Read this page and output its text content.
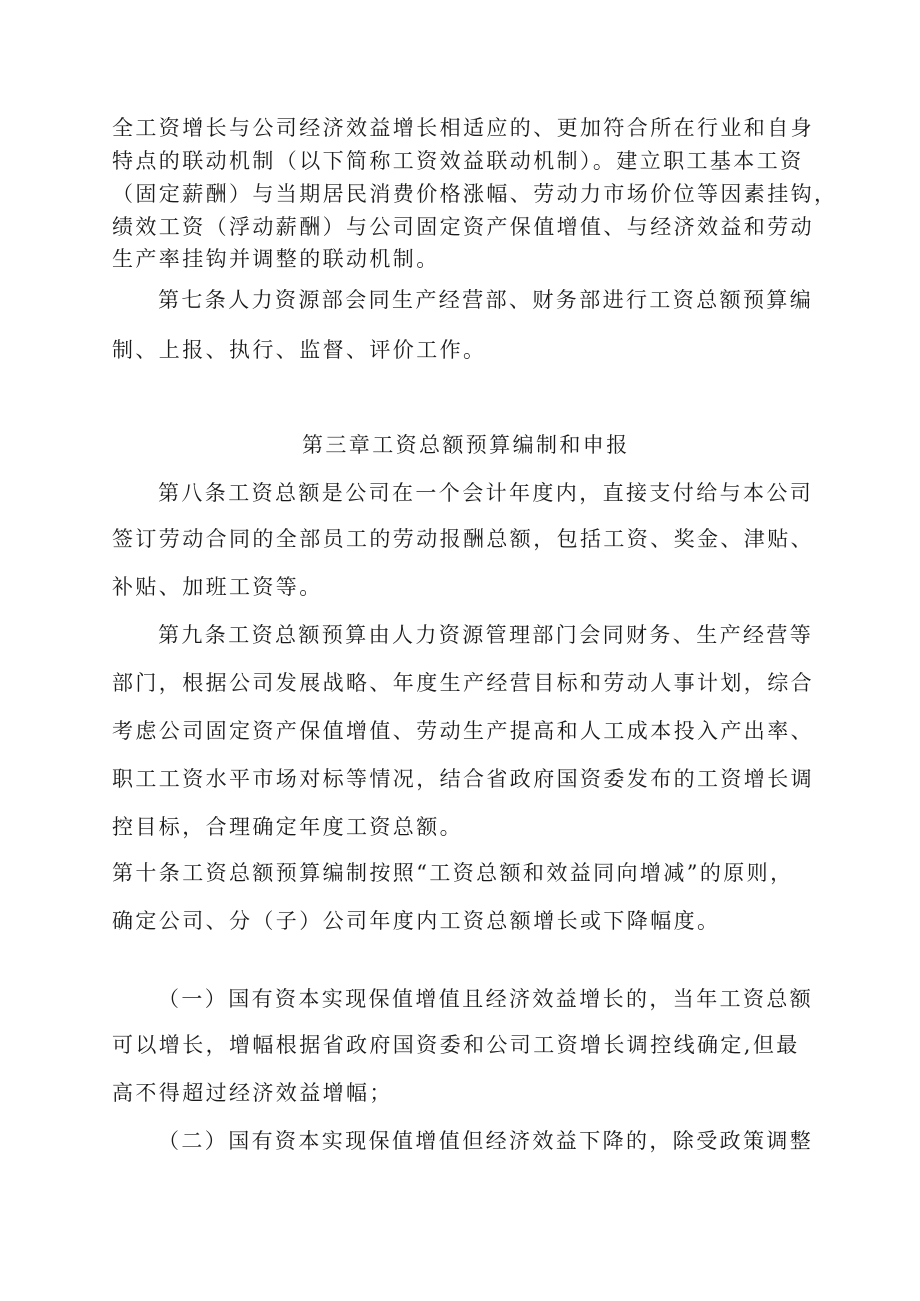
全工资增长与公司经济效益增长相适应的、更加符合所在行业和自身
特点的联动机制（以下简称工资效益联动机制）。建立职工基本工资
（固定薪酬）与当期居民消费价格涨幅、劳动力市场价位等因素挂钩，
绩效工资（浮动薪酬）与公司固定资产保值增值、与经济效益和劳动
生产率挂钩并调整的联动机制。
第七条人力资源部会同生产经营部、财务部进行工资总额预算编
制、上报、执行、监督、评价工作。
第三章工资总额预算编制和申报
第八条工资总额是公司在一个会计年度内，直接支付给与本公司
签订劳动合同的全部员工的劳动报酬总额，包括工资、奖金、津贴、
补贴、加班工资等。
第九条工资总额预算由人力资源管理部门会同财务、生产经营等
部门，根据公司发展战略、年度生产经营目标和劳动人事计划，综合
考虑公司固定资产保值增值、劳动生产提高和人工成本投入产出率、
职工工资水平市场对标等情况，结合省政府国资委发布的工资增长调
控目标，合理确定年度工资总额。
第十条工资总额预算编制按照“工资总额和效益同向增减”的原则，
确定公司、分（子）公司年度内工资总额增长或下降幅度。
（一）国有资本实现保值增值且经济效益增长的，当年工资总额
可以增长，增幅根据省政府国资委和公司工资增长调控线确定,但最
高不得超过经济效益增幅；
（二）国有资本实现保值增值但经济效益下降的，除受政策调整
